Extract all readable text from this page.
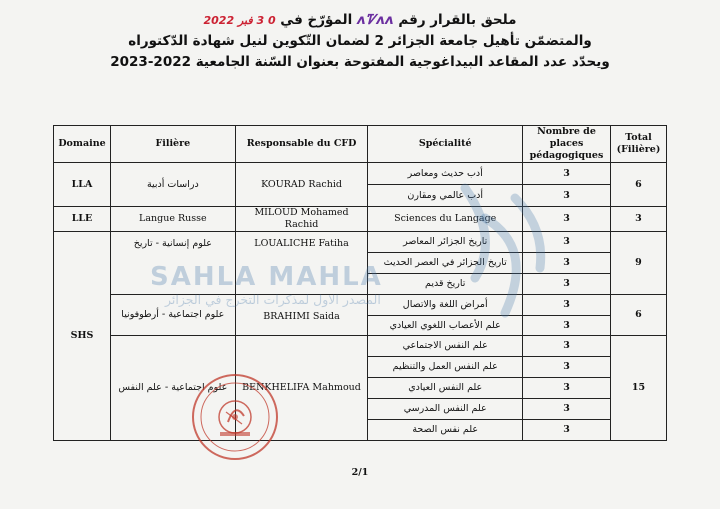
ملحق بالقرار رقم ᴧᏤᴧᴧ المؤرّخ في 0 3 فبر 2022
والمتضمّن تأهيل جامعة الجزائر 2 لضمان التّكوين لنيل شهادة الدّكتوراه
ويحدّد عدد المقاعد البيداغوجية المفتوحة بعنوان السّنة الجامعية 2022-2023
Domaine	Filière	Responsable du CFD	Spécialité	Nombre de places pédagogiques	Total (Filière)
LLA	دراسات أدبية	KOURAD Rachid	أدب حديث ومعاصر	3	6
			أدب عالمي ومقارن	3	
LLE	Langue Russe	MILOUD Mohamed Rachid	Sciences du Langage	3	3
SHS	علوم إنسانية - تاريخ	LOUALICHE Fatiha	تاريخ الجزائر المعاصر	3	9
			تاريخ الجزائر في العصر الحديث	3	
			تاريخ قديم	3	
	علوم اجتماعية - أرطوفونيا	BRAHIMI Saida	أمراض اللغة والاتصال	3	6
			علم الأعصاب اللغوي العيادي	3	
	علوم اجتماعية - علم النفس	BENKHELIFA Mahmoud	علم النفس الاجتماعي	3	15
			علم النفس العمل والتنظيم	3	
			علم النفس العيادي	3	
			علم النفس المدرسي	3	
			علم نفس الصحة	3	
SAHLA MAHLA
المصدر الاول لمذكرات التخرج في الجزائر
2/1
